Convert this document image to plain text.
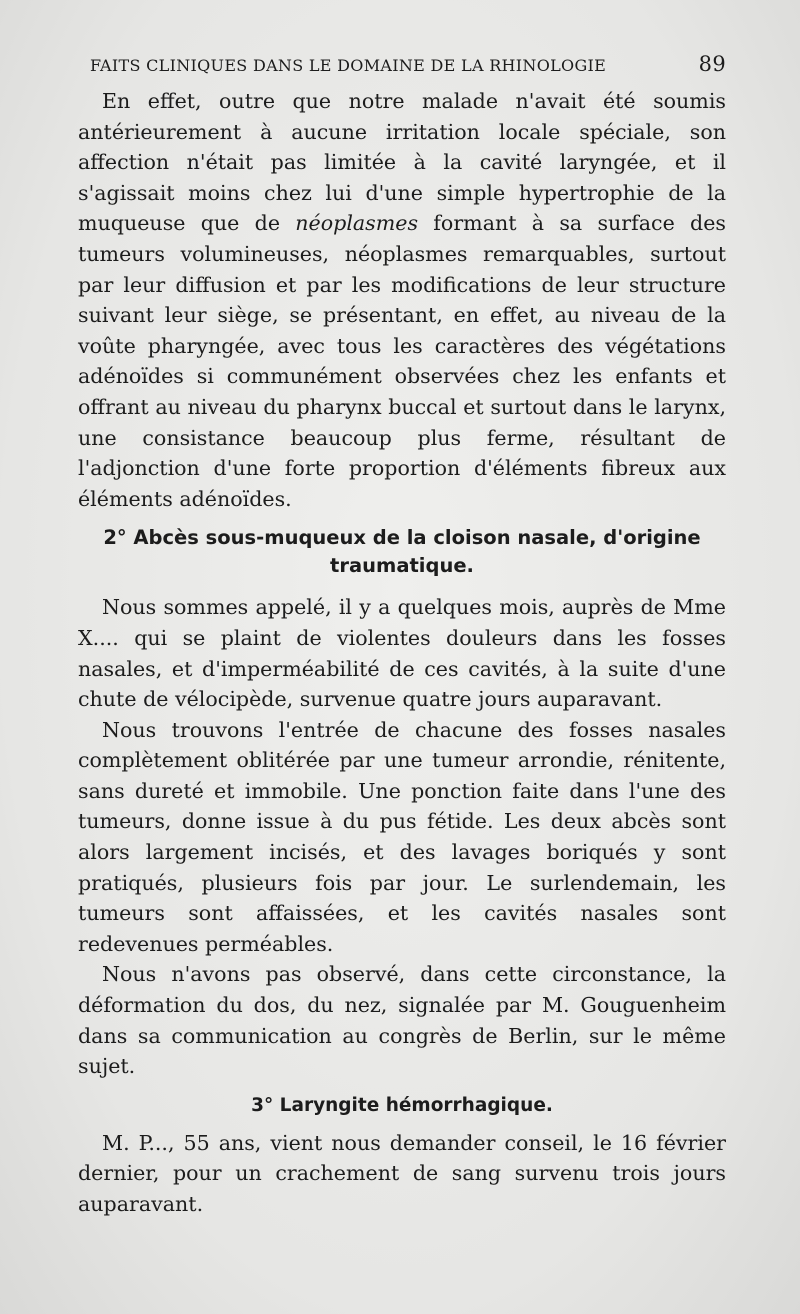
FAITS CLINIQUES DANS LE DOMAINE DE LA RHINOLOGIE	89

En effet, outre que notre malade n'avait été soumis antérieurement à aucune irritation locale spéciale, son affection n'était pas limitée à la cavité laryngée, et il s'agissait moins chez lui d'une simple hypertrophie de la muqueuse que de néoplasmes formant à sa surface des tumeurs volumineuses, néoplasmes remarquables, surtout par leur diffusion et par les modifications de leur structure suivant leur siège, se présentant, en effet, au niveau de la voûte pharyngée, avec tous les caractères des végétations adénoïdes si communément observées chez les enfants et offrant au niveau du pharynx buccal et surtout dans le larynx, une consistance beaucoup plus ferme, résultant de l'adjonction d'une forte proportion d'éléments fibreux aux éléments adénoïdes.

2° Abcès sous-muqueux de la cloison nasale, d'origine traumatique.

Nous sommes appelé, il y a quelques mois, auprès de Mme X.... qui se plaint de violentes douleurs dans les fosses nasales, et d'imperméabilité de ces cavités, à la suite d'une chute de vélocipède, survenue quatre jours auparavant.

Nous trouvons l'entrée de chacune des fosses nasales complètement oblitérée par une tumeur arrondie, rénitente, sans dureté et immobile. Une ponction faite dans l'une des tumeurs, donne issue à du pus fétide. Les deux abcès sont alors largement incisés, et des lavages boriqués y sont pratiqués, plusieurs fois par jour. Le surlendemain, les tumeurs sont affaissées, et les cavités nasales sont redevenues perméables.

Nous n'avons pas observé, dans cette circonstance, la déformation du dos, du nez, signalée par M. Gouguenheim dans sa communication au congrès de Berlin, sur le même sujet.

3° Laryngite hémorrhagique.

M. P..., 55 ans, vient nous demander conseil, le 16 février dernier, pour un crachement de sang survenu trois jours auparavant.
